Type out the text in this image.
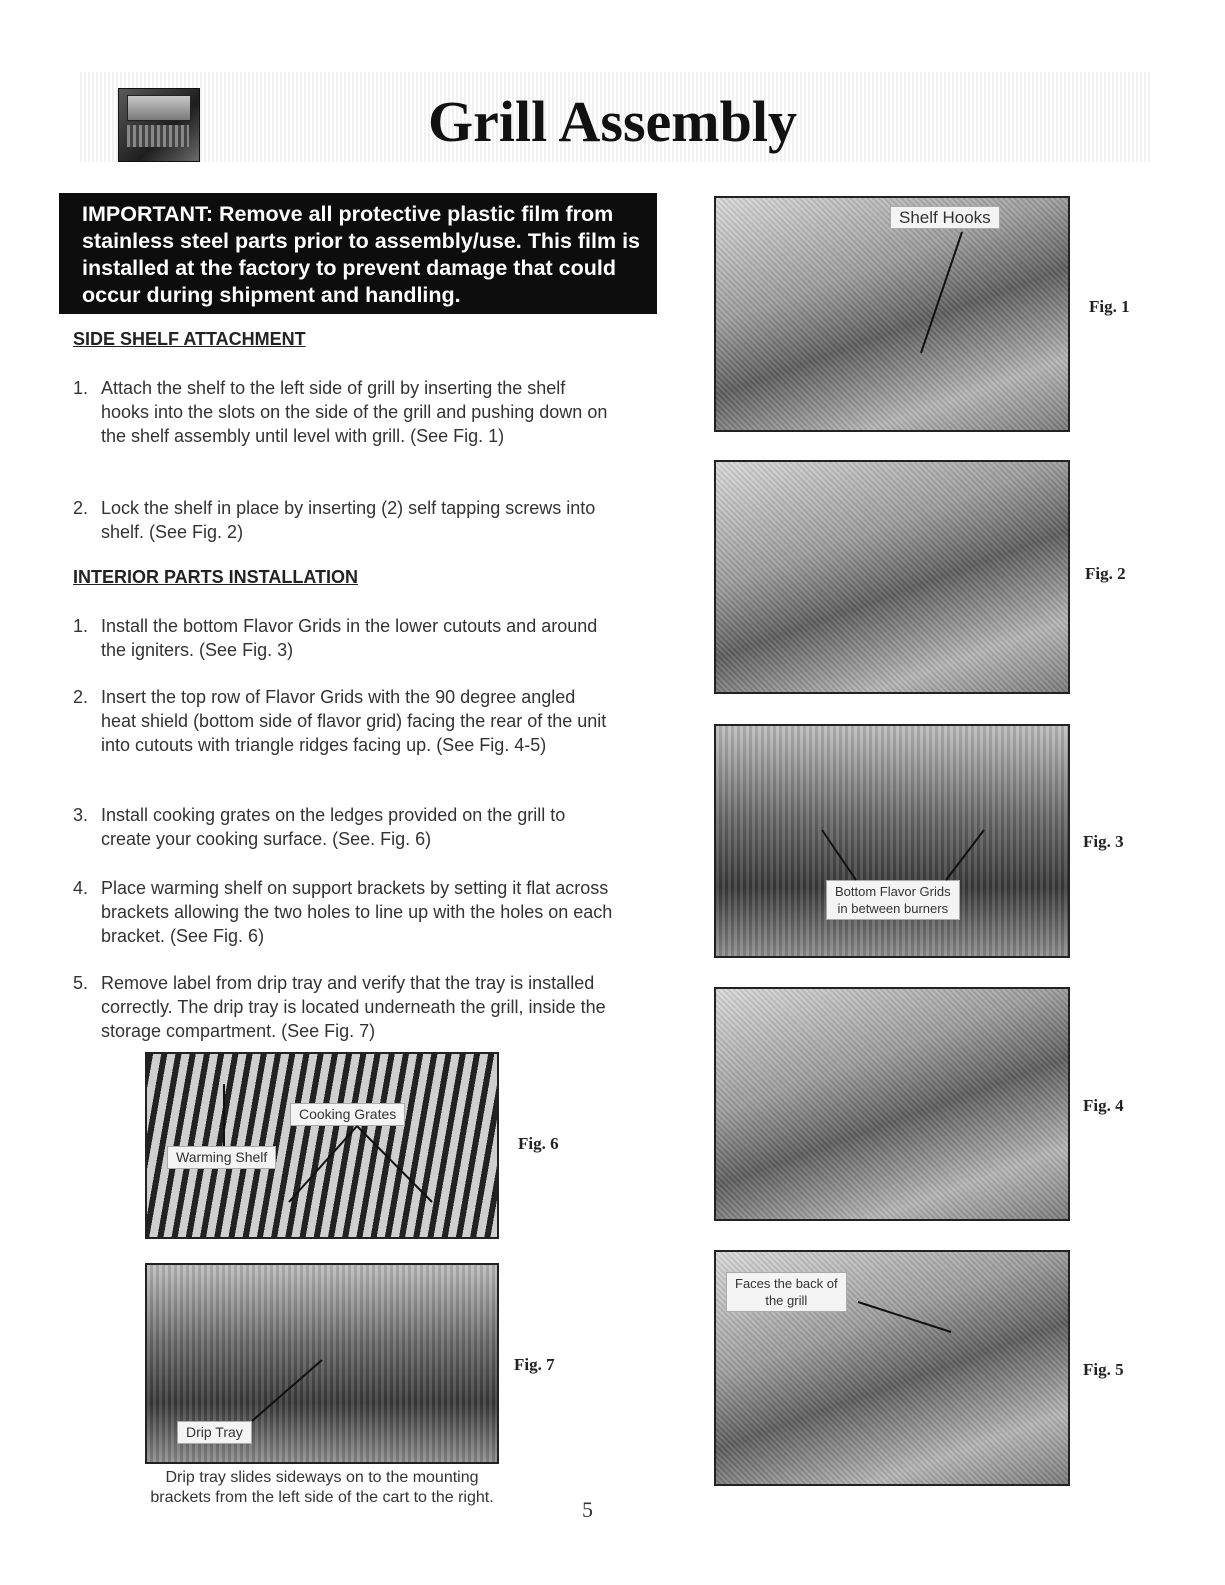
Grill Assembly
IMPORTANT: Remove all protective plastic film from stainless steel parts prior to assembly/use. This film is installed at the factory to prevent damage that could occur during shipment and handling.
SIDE SHELF ATTACHMENT
1. Attach the shelf to the left side of grill by inserting the shelf hooks into the slots on the side of the grill and pushing down on the shelf assembly until level with grill. (See Fig. 1)
2. Lock the shelf in place by inserting (2) self tapping screws into shelf. (See Fig. 2)
INTERIOR PARTS INSTALLATION
1. Install the bottom Flavor Grids in the lower cutouts and around the igniters. (See Fig. 3)
2. Insert the top row of Flavor Grids with the 90 degree angled heat shield (bottom side of flavor grid) facing the rear of the unit into cutouts with triangle ridges facing up. (See Fig. 4-5)
3. Install cooking grates on the ledges provided on the grill to create your cooking surface. (See. Fig. 6)
4. Place warming shelf on support brackets by setting it flat across brackets allowing the two holes to line up with the holes on each bracket. (See Fig. 6)
5. Remove label from drip tray and verify that the tray is installed correctly. The drip tray is located underneath the grill, inside the storage compartment. (See Fig. 7)
Cooking Grates
Warming Shelf
Fig. 6
Drip Tray
Fig. 7
Drip tray slides sideways on to the mounting
brackets from the left side of the cart to the right.
Shelf Hooks
Fig. 1
Fig. 2
Bottom Flavor Grids
in between burners
Fig. 3
Fig. 4
Faces the back of
the grill
Fig. 5
5
